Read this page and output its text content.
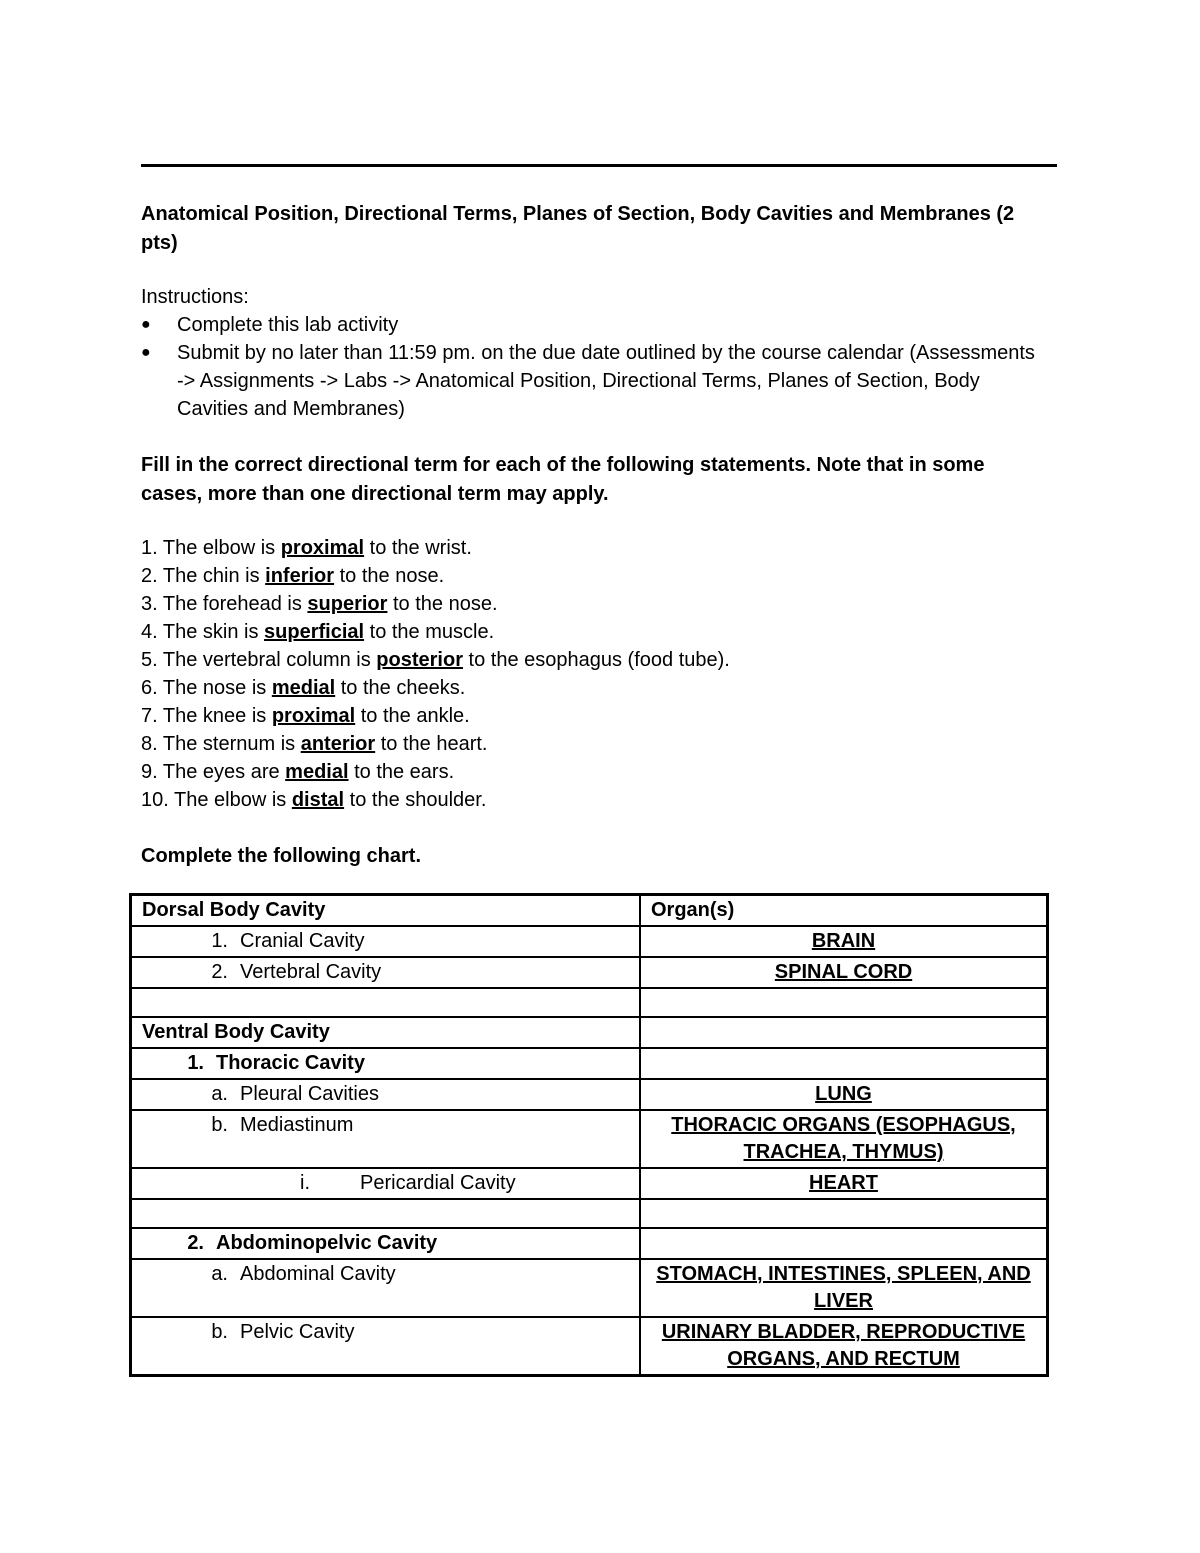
Anatomical Position, Directional Terms, Planes of Section, Body Cavities and Membranes (2 pts)

Instructions:
● Complete this lab activity
● Submit by no later than 11:59 pm. on the due date outlined by the course calendar (Assessments -> Assignments -> Labs -> Anatomical Position, Directional Terms, Planes of Section, Body Cavities and Membranes)

Fill in the correct directional term for each of the following statements. Note that in some cases, more than one directional term may apply.

1. The elbow is proximal to the wrist.
2. The chin is inferior to the nose.
3. The forehead is superior to the nose.
4. The skin is superficial to the muscle.
5. The vertebral column is posterior to the esophagus (food tube).
6. The nose is medial to the cheeks.
7. The knee is proximal to the ankle.
8. The sternum is anterior to the heart.
9. The eyes are medial to the ears.
10. The elbow is distal to the shoulder.
Complete the following chart.
Dorsal Body Cavity	Organ(s)
1. Cranial Cavity	BRAIN
2. Vertebral Cavity	SPINAL CORD

Ventral Body Cavity	
1. Thoracic Cavity	
a. Pleural Cavities	LUNG
b. Mediastinum	THORACIC ORGANS (ESOPHAGUS, TRACHEA, THYMUS)
i. Pericardial Cavity	HEART

2. Abdominopelvic Cavity	
a. Abdominal Cavity	STOMACH, INTESTINES, SPLEEN, AND LIVER
b. Pelvic Cavity	URINARY BLADDER, REPRODUCTIVE ORGANS, AND RECTUM
